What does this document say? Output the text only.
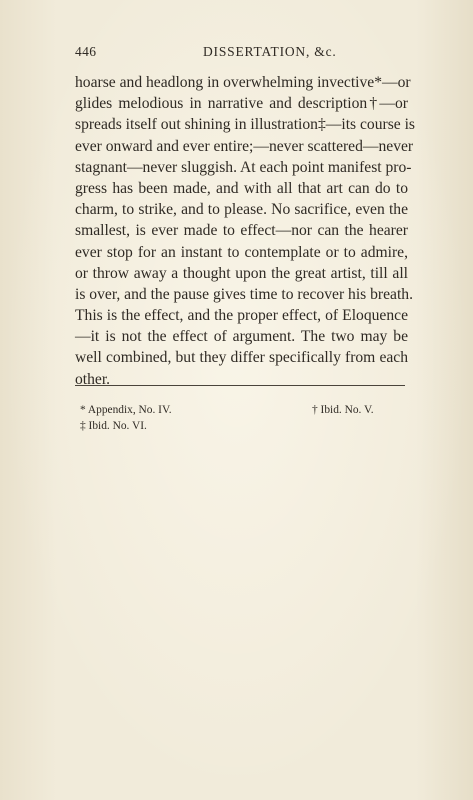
446	DISSERTATION, &c.
hoarse and headlong in overwhelming invective*—or
glides melodious in narrative and description†—or
spreads itself out shining in illustration‡—its course is
ever onward and ever entire;—never scattered—never
stagnant—never sluggish. At each point manifest pro-
gress has been made, and with all that art can do to
charm, to strike, and to please. No sacrifice, even the
smallest, is ever made to effect—nor can the hearer
ever stop for an instant to contemplate or to admire,
or throw away a thought upon the great artist, till all
is over, and the pause gives time to recover his breath.
This is the effect, and the proper effect, of Eloquence
—it is not the effect of argument. The two may be
well combined, but they differ specifically from each
other.
* Appendix, No. IV.	† Ibid. No. V.
‡ Ibid. No. VI.
